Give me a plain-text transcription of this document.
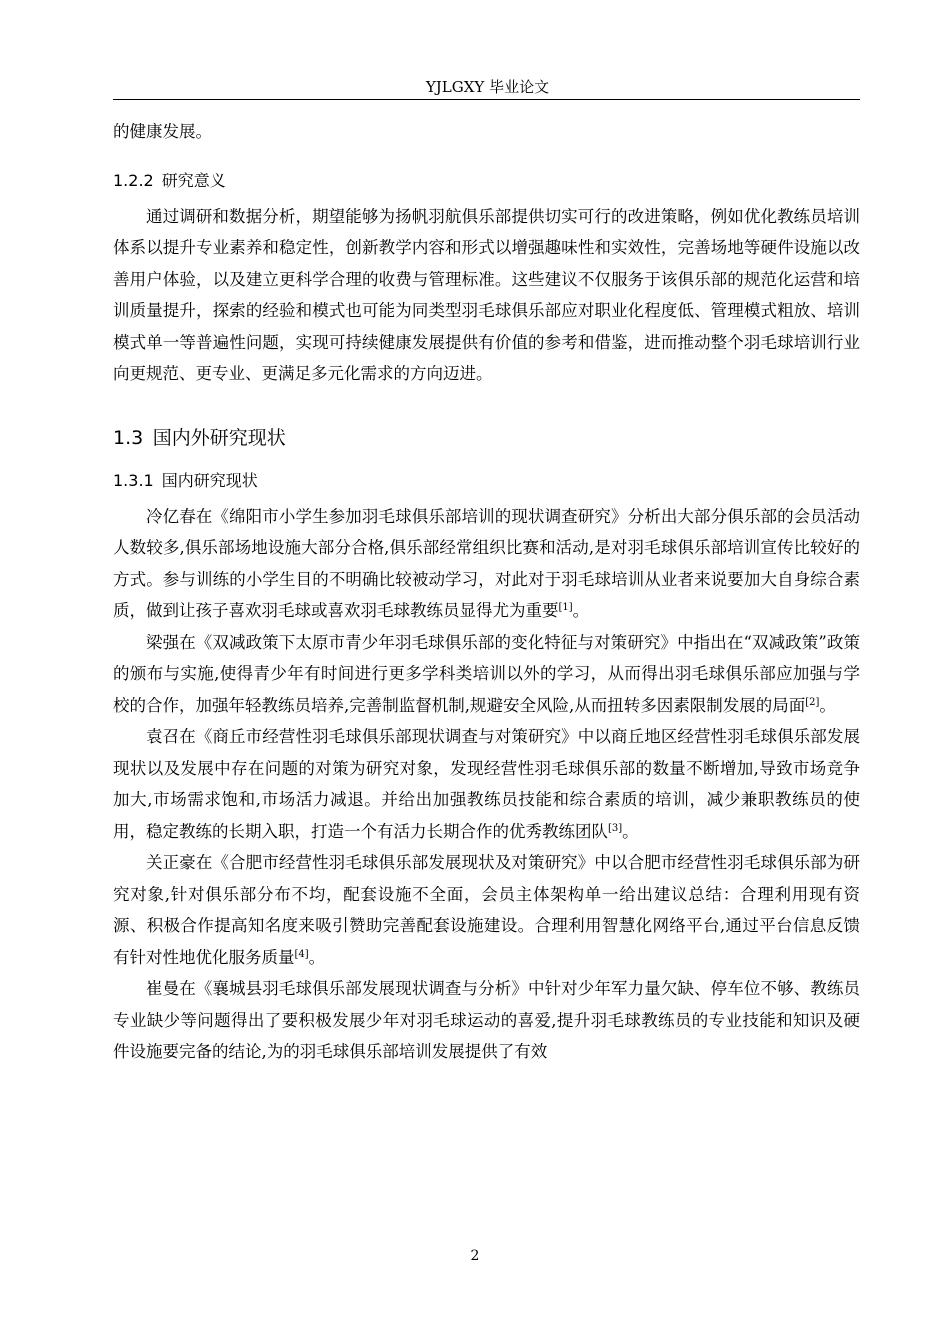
YJLGXY 毕业论文

的健康发展。

1.2.2 研究意义

通过调研和数据分析，期望能够为扬帆羽航俱乐部提供切实可行的改进策略，例如优化教练员培训体系以提升专业素养和稳定性，创新教学内容和形式以增强趣味性和实效性，完善场地等硬件设施以改善用户体验，以及建立更科学合理的收费与管理标准。这些建议不仅服务于该俱乐部的规范化运营和培训质量提升，探索的经验和模式也可能为同类型羽毛球俱乐部应对职业化程度低、管理模式粗放、培训模式单一等普遍性问题，实现可持续健康发展提供有价值的参考和借鉴，进而推动整个羽毛球培训行业向更规范、更专业、更满足多元化需求的方向迈进。

1.3 国内外研究现状
1.3.1 国内研究现状

冷亿春在《绵阳市小学生参加羽毛球俱乐部培训的现状调查研究》分析出大部分俱乐部的会员活动人数较多,俱乐部场地设施大部分合格,俱乐部经常组织比赛和活动,是对羽毛球俱乐部培训宣传比较好的方式。参与训练的小学生目的不明确比较被动学习，对此对于羽毛球培训从业者来说要加大自身综合素质，做到让孩子喜欢羽毛球或喜欢羽毛球教练员显得尤为重要[1]。

梁强在《双减政策下太原市青少年羽毛球俱乐部的变化特征与对策研究》中指出在“双减政策”政策的颁布与实施,使得青少年有时间进行更多学科类培训以外的学习，从而得出羽毛球俱乐部应加强与学校的合作，加强年轻教练员培养,完善制监督机制,规避安全风险,从而扭转多因素限制发展的局面[2]。

袁召在《商丘市经营性羽毛球俱乐部现状调查与对策研究》中以商丘地区经营性羽毛球俱乐部发展现状以及发展中存在问题的对策为研究对象，发现经营性羽毛球俱乐部的数量不断增加,导致市场竞争加大,市场需求饱和,市场活力减退。并给出加强教练员技能和综合素质的培训，减少兼职教练员的使用，稳定教练的长期入职，打造一个有活力长期合作的优秀教练团队[3]。

关正豪在《合肥市经营性羽毛球俱乐部发展现状及对策研究》中以合肥市经营性羽毛球俱乐部为研究对象,针对俱乐部分布不均，配套设施不全面，会员主体架构单一给出建议总结：合理利用现有资源、积极合作提高知名度来吸引赞助完善配套设施建设。合理利用智慧化网络平台,通过平台信息反馈有针对性地优化服务质量[4]。

崔曼在《襄城县羽毛球俱乐部发展现状调查与分析》中针对少年军力量欠缺、停车位不够、教练员专业缺少等问题得出了要积极发展少年对羽毛球运动的喜爱,提升羽毛球教练员的专业技能和知识及硬件设施要完备的结论,为的羽毛球俱乐部培训发展提供了有效

2
